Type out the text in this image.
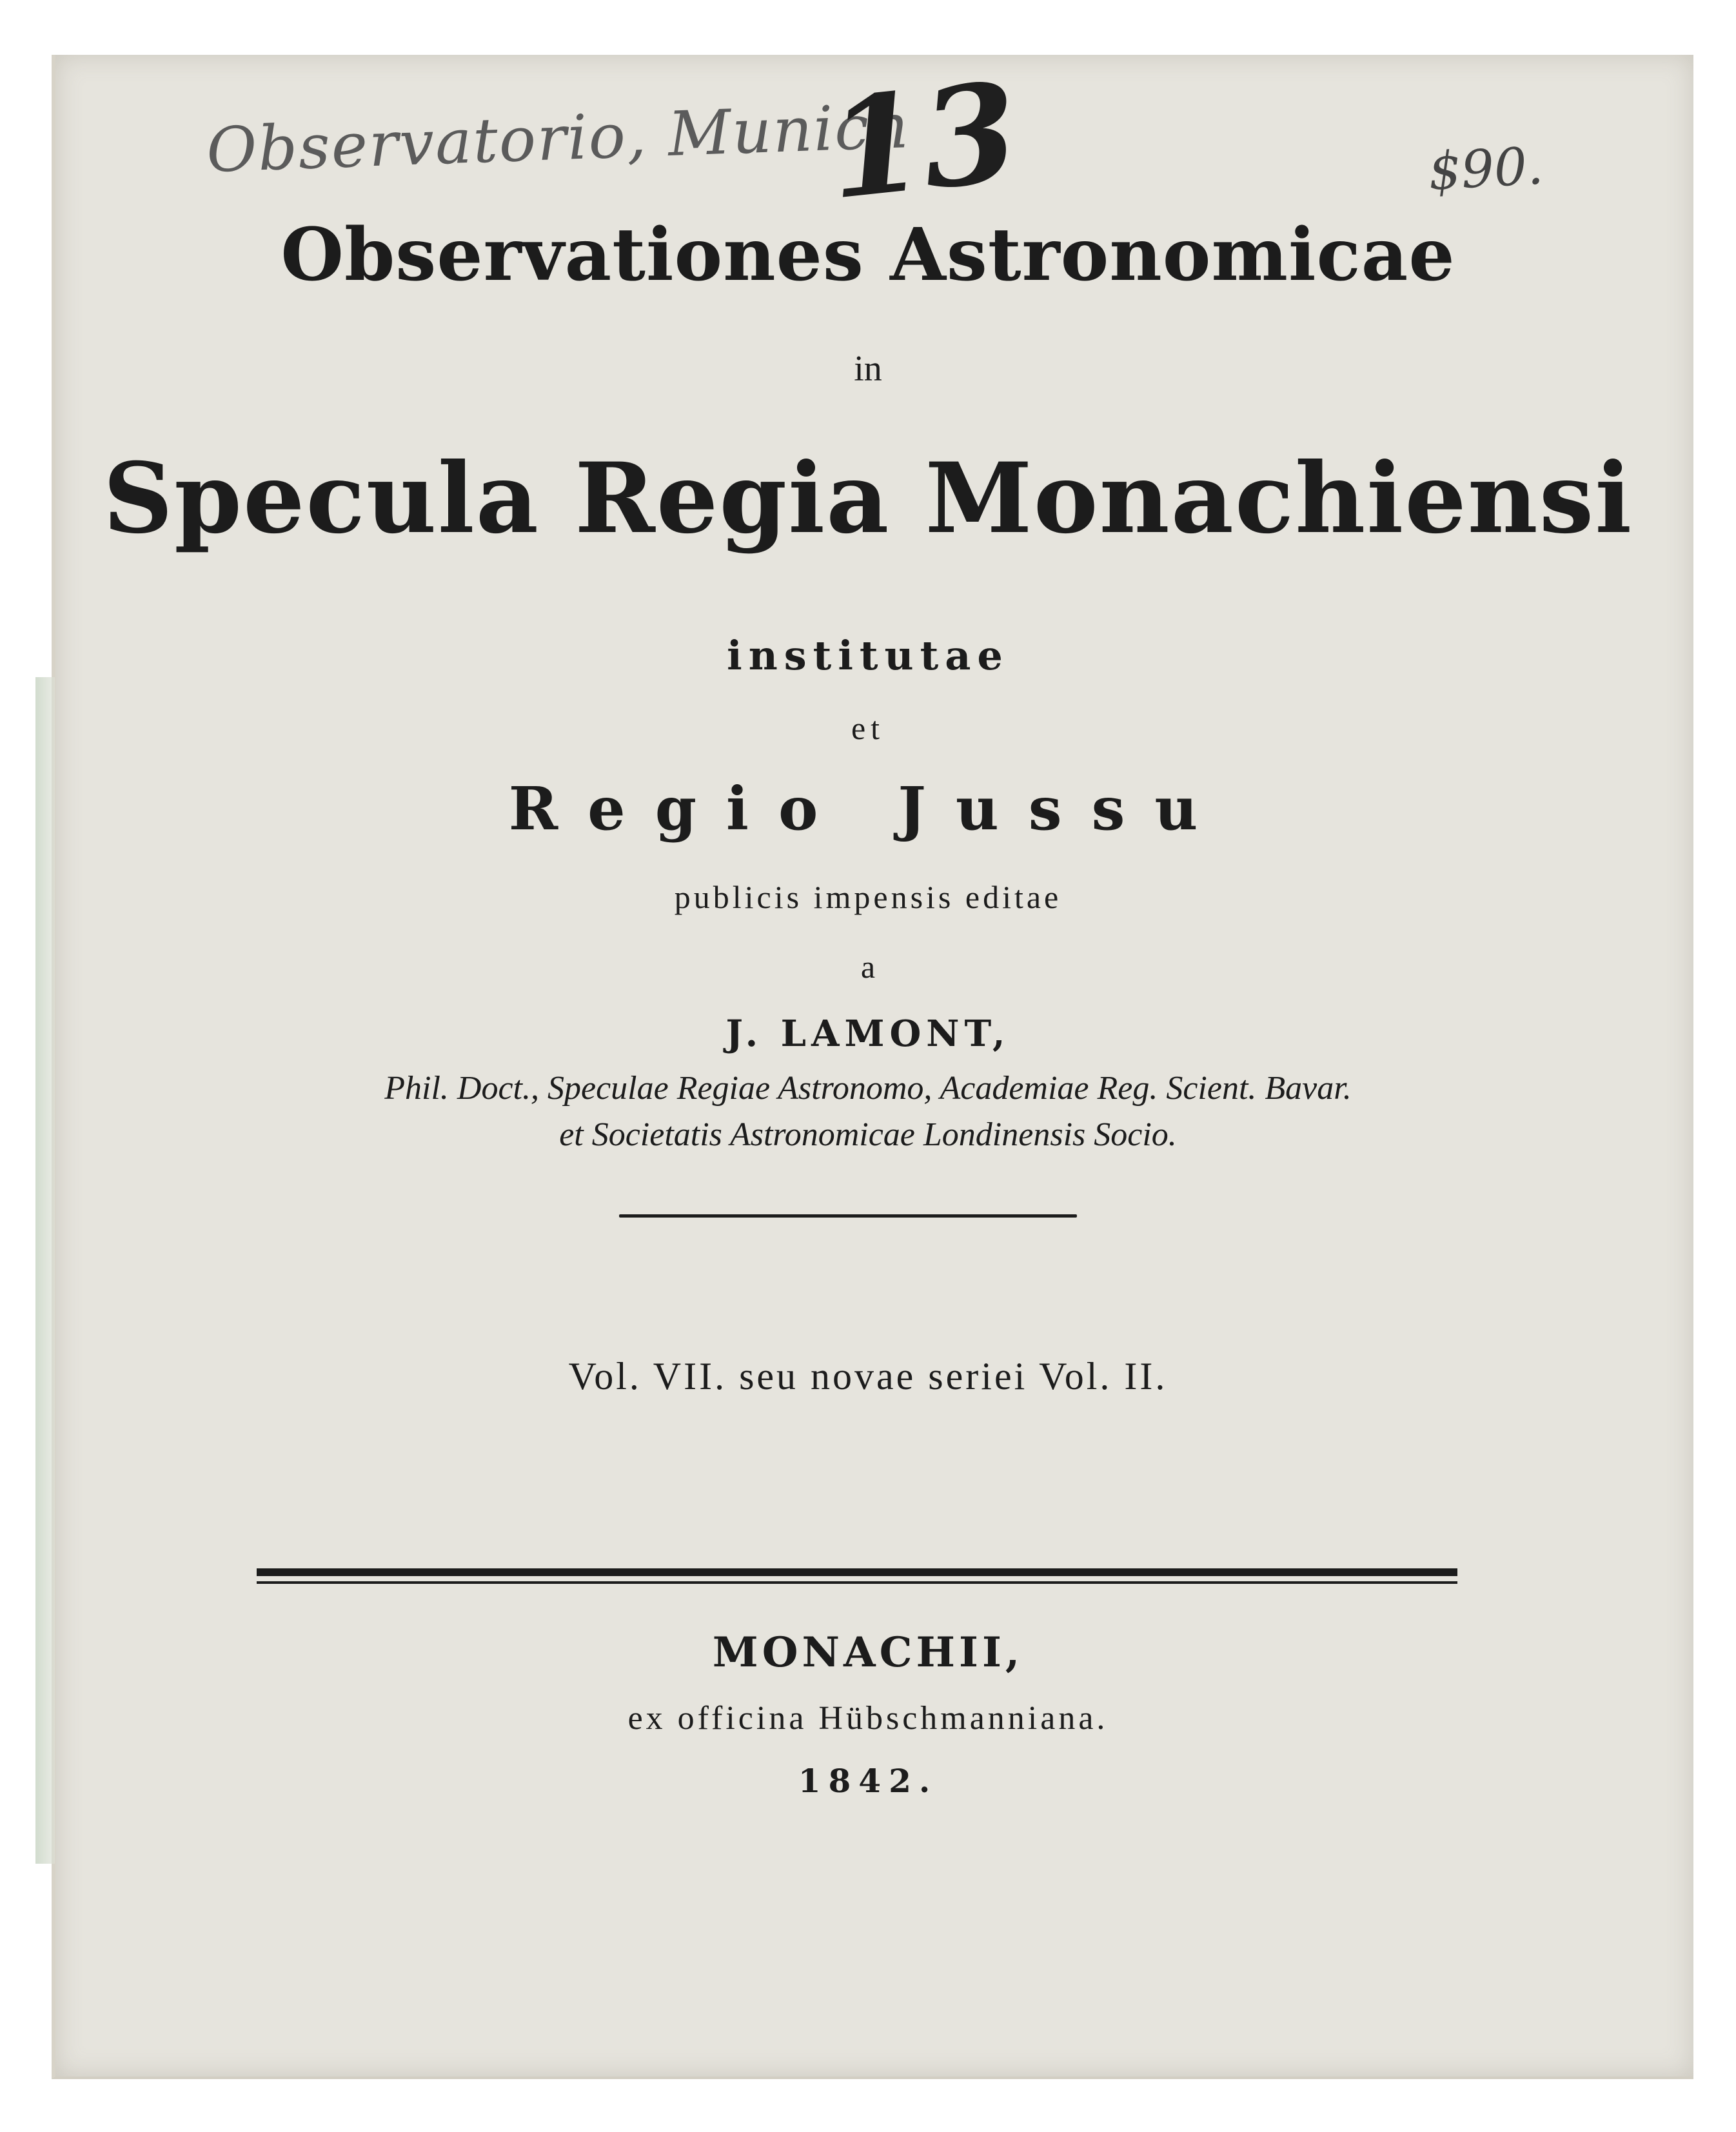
Observatorio, Munich
13	$90.
Observationes Astronomicae
in
Specula Regia Monachiensi
institutae
et
Regio Jussu
publicis impensis editae
a
J. LAMONT,
Phil. Doct., Speculae Regiae Astronomo, Academiae Reg. Scient. Bavar.
et Societatis Astronomicae Londinensis Socio.
Vol. VII. seu novae seriei Vol. II.
MONACHII,
ex officina Hübschmanniana.
1842.
